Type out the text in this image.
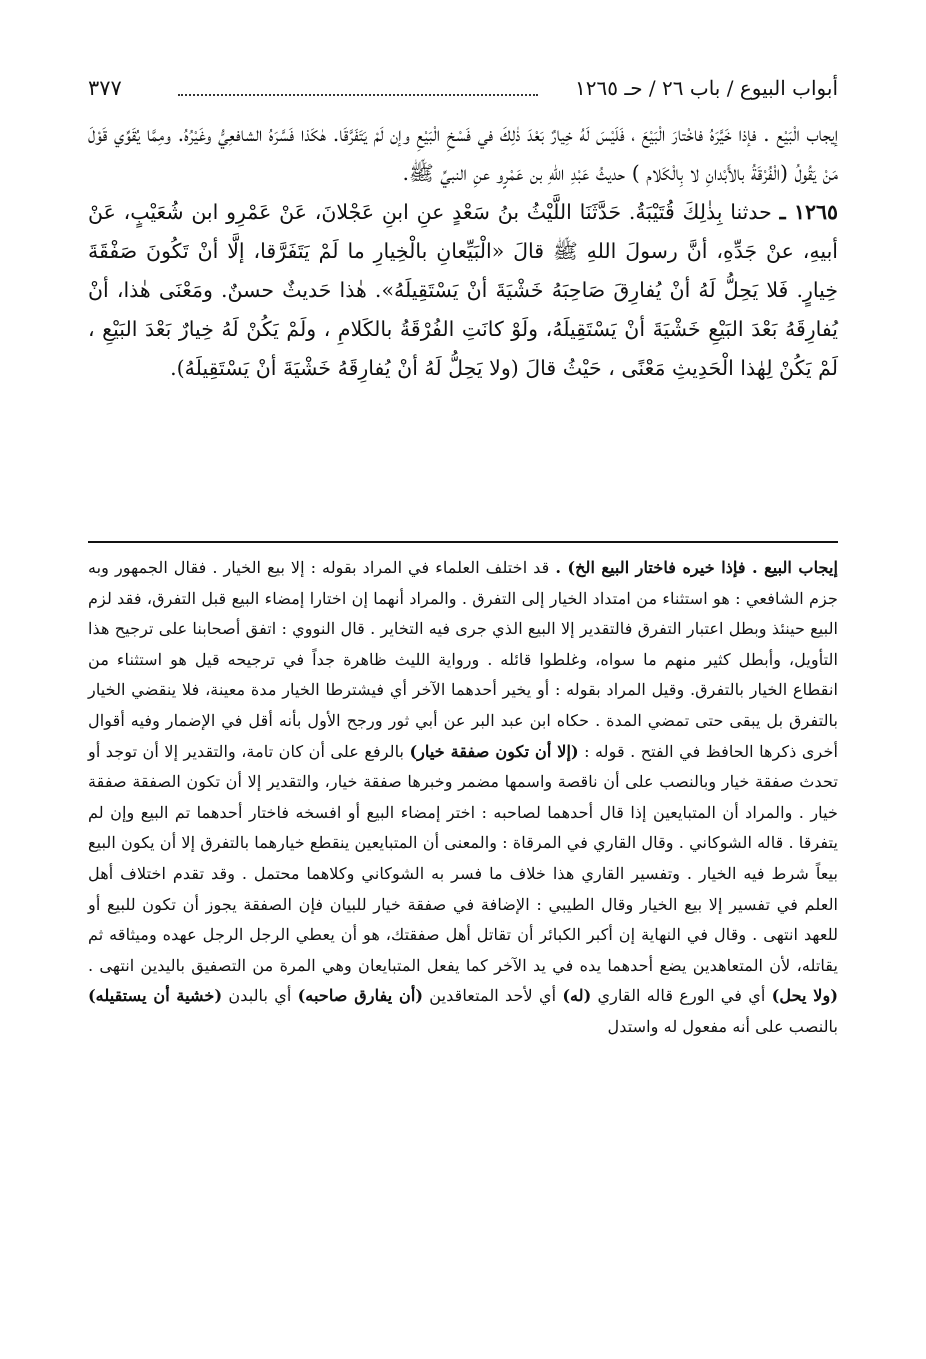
أبواب البيوع / باب ٢٦ / حـ ١٢٦٥
٣٧٧

إيجاب الْبَيْع . فإذا خَيَّرَهُ فاخْتارَ الْبَيْعَ ، فَلَيْسَ لَهُ خِيارٌ بَعْدَ ذٰلِكَ في فَسْخِ الْبَيْعِ وإن لَمْ يَتَفَرَّقَا. هٰكَذا فَسَّرَهُ الشافعِيُّ وغَيْرُهُ. ومِمَّا يُقَوِّي قَوْلَ مَنْ يَقُولُ (الْفُرْقَةُ بالأَبْدانِ لا بِالْكَلام ) حديثُ عَبْدِ اللهِ بن عَمْرٍو عنِ النبيِّ ﷺ.

١٢٦٥ ـ حدثنا بِذٰلِكَ قُتَيْبَةُ. حَدَّثَنَا اللَّيْثُ بنُ سَعْدٍ عنِ ابنِ عَجْلانَ، عَنْ عَمْرِو ابن شُعَيْبٍ، عَنْ أبيهِ، عنْ جَدِّهِ، أنَّ رسولَ اللهِ ﷺ قالَ «الْبَيِّعانِ بالْخِيارِ ما لَمْ يَتَفَرَّقا، إلَّا أنْ تَكُونَ صَفْقَةَ خِيارٍ. فَلا يَحِلُّ لَهُ أنْ يُفارِقَ صَاحِبَهُ خَشْيَةَ أنْ يَسْتَقِيلَهُ». هٰذا حَديثٌ حسنٌ. ومَعْنَى هٰذا، أنْ يُفارِقَهُ بَعْدَ البَيْعِ خَشْيَةَ أنْ يَسْتَقِيلَهُ، ولَوْ كانَتِ الفُرْقَةُ بالكَلامِ ، ولَمْ يَكُنْ لَهُ خِيارٌ بَعْدَ البَيْعِ ، لَمْ يَكُنْ لِهٰذا الْحَدِيثِ مَعْنًى ، حَيْثُ قالَ (ولا يَحِلُّ لَهُ أنْ يُفارِقَهُ خَشْيَةَ أنْ يَسْتَقِيلَهُ).

إيجاب البيع . فإذا خيره فاختار البيع الخ) . قد اختلف العلماء في المراد بقوله : إلا بيع الخيار . فقال الجمهور وبه جزم الشافعي : هو استثناء من امتداد الخيار إلى التفرق . والمراد أنهما إن اختارا إمضاء البيع قبل التفرق، فقد لزم البيع حينئذ وبطل اعتبار التفرق فالتقدير إلا البيع الذي جرى فيه التخاير . قال النووي : اتفق أصحابنا على ترجيح هذا التأويل، وأبطل كثير منهم ما سواه، وغلطوا قائله . ورواية الليث ظاهرة جداً في ترجيحه قيل هو استثناء من انقطاع الخيار بالتفرق. وقيل المراد بقوله : أو يخير أحدهما الآخر أي فيشترطا الخيار مدة معينة، فلا ينقضي الخيار بالتفرق بل يبقى حتى تمضي المدة . حكاه ابن عبد البر عن أبي ثور ورجح الأول بأنه أقل في الإضمار وفيه أقوال أخرى ذكرها الحافظ في الفتح . قوله : (إلا أن تكون صفقة خيار) بالرفع على أن كان تامة، والتقدير إلا أن توجد أو تحدث صفقة خيار وبالنصب على أن ناقصة واسمها مضمر وخبرها صفقة خيار، والتقدير إلا أن تكون الصفقة صفقة خيار . والمراد أن المتبايعين إذا قال أحدهما لصاحبه : اختر إمضاء البيع أو افسخه فاختار أحدهما تم البيع وإن لم يتفرقا . قاله الشوكاني . وقال القاري في المرقاة : والمعنى أن المتبايعين ينقطع خيارهما بالتفرق إلا أن يكون البيع بيعاً شرط فيه الخيار . وتفسير القاري هذا خلاف ما فسر به الشوكاني وكلاهما محتمل . وقد تقدم اختلاف أهل العلم في تفسير إلا بيع الخيار وقال الطيبي : الإضافة في صفقة خيار للبيان فإن الصفقة يجوز أن تكون للبيع أو للعهد انتهى . وقال في النهاية إن أكبر الكبائر أن تقاتل أهل صفقتك، هو أن يعطي الرجل الرجل عهده وميثاقه ثم يقاتله، لأن المتعاهدين يضع أحدهما يده في يد الآخر كما يفعل المتبايعان وهي المرة من التصفيق باليدين انتهى . (ولا يحل) أي في الورع قاله القاري (له) أي لأحد المتعاقدين (أن يفارق صاحبه) أي بالبدن (خشية أن يستقيله) بالنصب على أنه مفعول له واستدل
